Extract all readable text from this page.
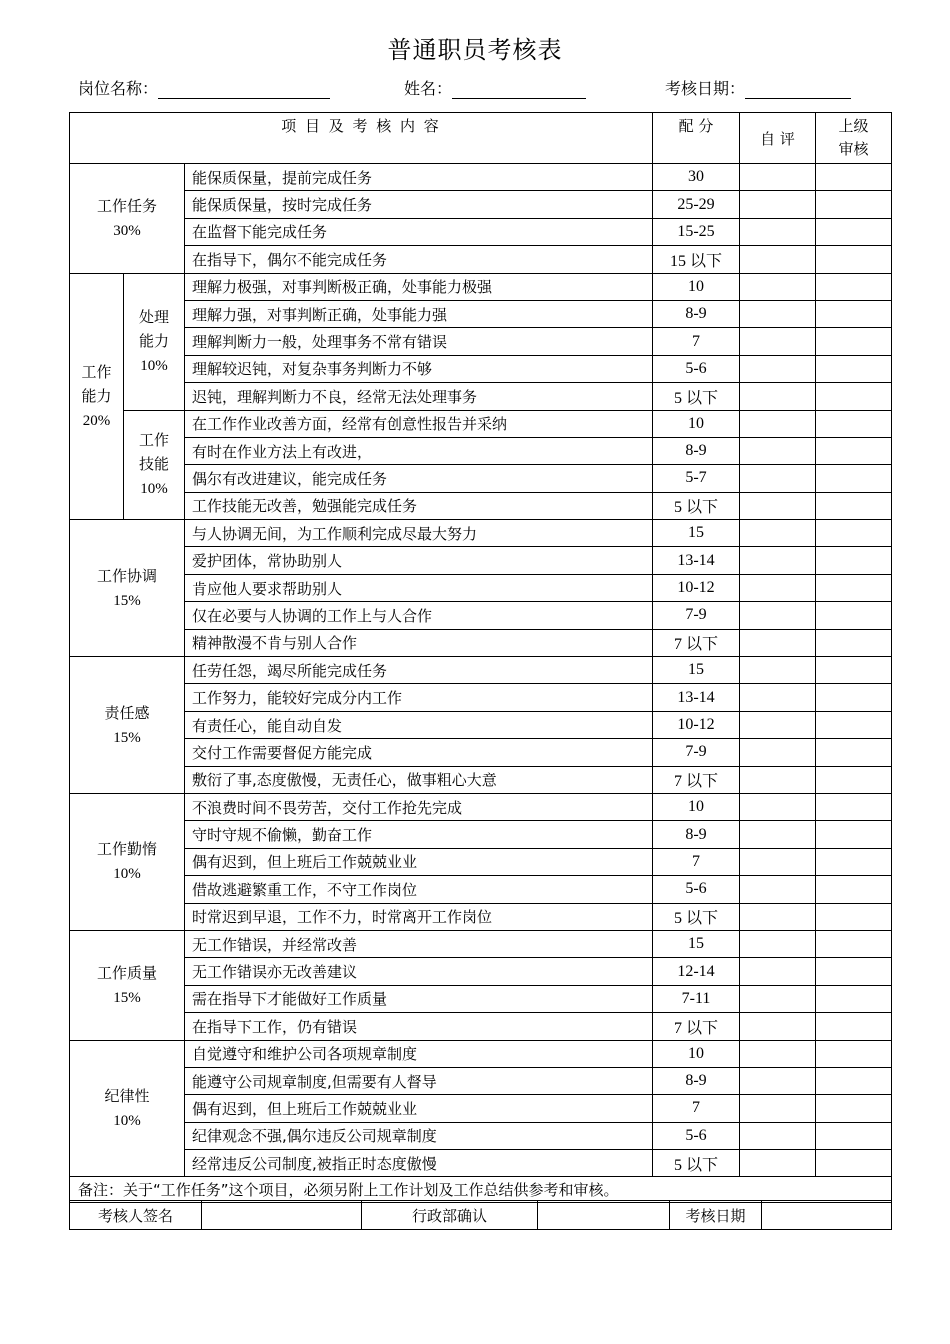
普通职员考核表
岗位名称：	姓名：	考核日期：
项 目 及 考 核 内 容			配 分	自 评	上级
审核
工作任务
30%		能保质保量，提前完成任务	30		
		能保质保量，按时完成任务	25-29		
		在监督下能完成任务	15-25		
		在指导下，偶尔不能完成任务	15 以下		
工作
能力
20%	处理
能力
10%	理解力极强，对事判断极正确，处事能力极强	10		
		理解力强，对事判断正确，处事能力强	8-9		
		理解判断力一般，处理事务不常有错误	7		
		理解较迟钝，对复杂事务判断力不够	5-6		
		迟钝，理解判断力不良，经常无法处理事务	5 以下		
	工作
技能
10%	在工作作业改善方面，经常有创意性报告并采纳	10		
		有时在作业方法上有改进，	8-9		
		偶尔有改进建议，能完成任务	5-7		
		工作技能无改善，勉强能完成任务	5 以下		
工作协调
15%		与人协调无间，为工作顺利完成尽最大努力	15		
		爱护团体，常协助别人	13-14		
		肯应他人要求帮助别人	10-12		
		仅在必要与人协调的工作上与人合作	7-9		
		精神散漫不肯与别人合作	7 以下		
责任感
15%		任劳任怨，竭尽所能完成任务	15		
		工作努力，能较好完成分内工作	13-14		
		有责任心，能自动自发	10-12		
		交付工作需要督促方能完成	7-9		
		敷衍了事,态度傲慢，无责任心，做事粗心大意	7 以下		
工作勤惰
10%		不浪费时间不畏劳苦，交付工作抢先完成	10		
		守时守规不偷懒，勤奋工作	8-9		
		偶有迟到，但上班后工作兢兢业业	7		
		借故逃避繁重工作，不守工作岗位	5-6		
		时常迟到早退，工作不力，时常离开工作岗位	5 以下		
工作质量
15%		无工作错误，并经常改善	15		
		无工作错误亦无改善建议	12-14		
		需在指导下才能做好工作质量	7-11		
		在指导下工作，仍有错误	7 以下		
纪律性
10%		自觉遵守和维护公司各项规章制度	10		
		能遵守公司规章制度,但需要有人督导	8-9		
		偶有迟到，但上班后工作兢兢业业	7		
		纪律观念不强,偶尔违反公司规章制度	5-6		
		经常违反公司制度,被指正时态度傲慢	5 以下		
备注：关于“工作任务”这个项目，必须另附上工作计划及工作总结供参考和审核。					
考核人签名		行政部确认		考核日期	
